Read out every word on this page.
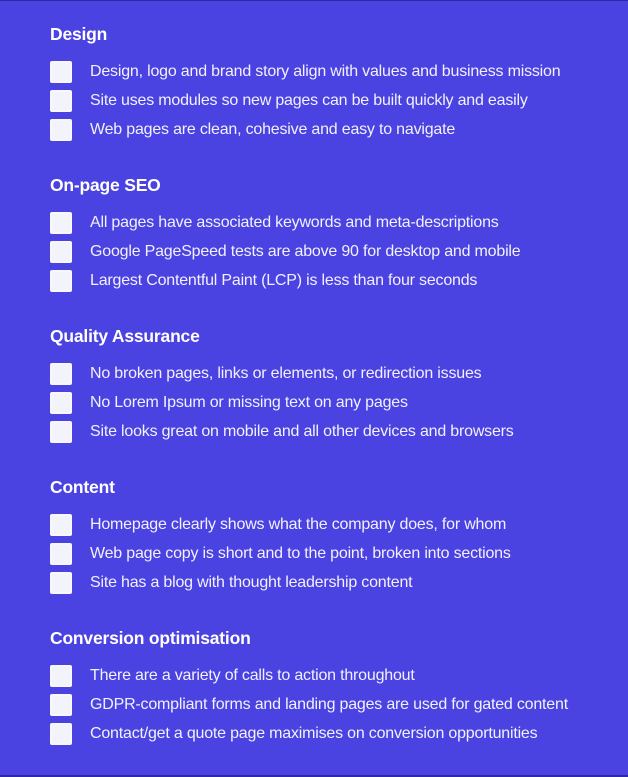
Design
Design, logo and brand story align with values and business mission
Site uses modules so new pages can be built quickly and easily
Web pages are clean, cohesive and easy to navigate
On-page SEO
All pages have associated keywords and meta-descriptions
Google PageSpeed tests are above 90 for desktop and mobile
Largest Contentful Paint (LCP) is less than four seconds
Quality Assurance
No broken pages, links or elements, or redirection issues
No Lorem Ipsum or missing text on any pages
Site looks great on mobile and all other devices and browsers
Content
Homepage clearly shows what the company does, for whom
Web page copy is short and to the point, broken into sections
Site has a blog with thought leadership content
Conversion optimisation
There are a variety of calls to action throughout
GDPR-compliant forms and landing pages are used for gated content
Contact/get a quote page maximises on conversion opportunities
